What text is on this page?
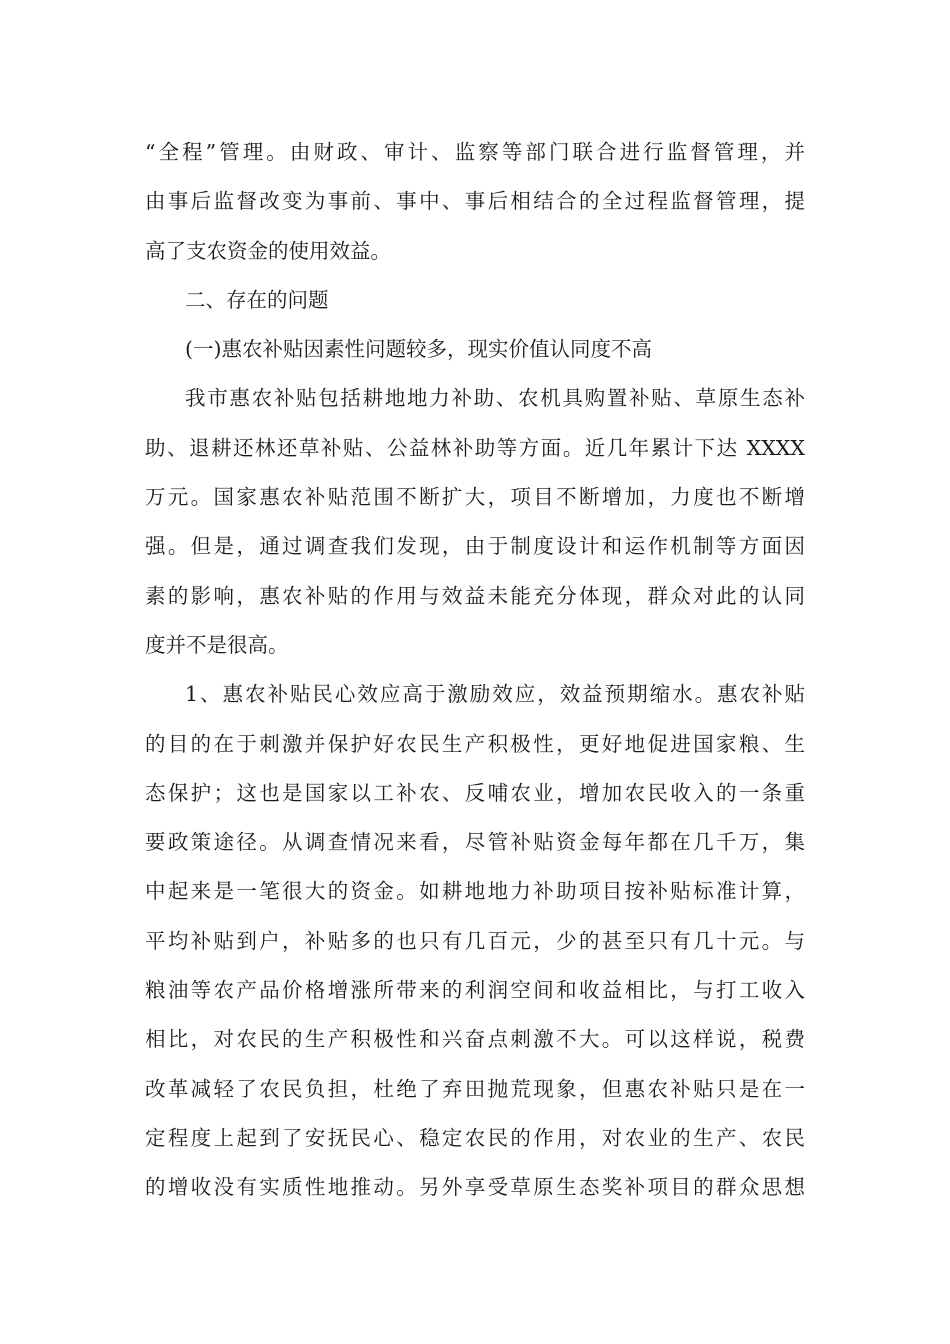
“全程”管理。由财政、审计、监察等部门联合进行监督管理，并
由事后监督改变为事前、事中、事后相结合的全过程监督管理，提
高了支农资金的使用效益。
二、存在的问题
(一)惠农补贴因素性问题较多，现实价值认同度不高
我市惠农补贴包括耕地地力补助、农机具购置补贴、草原生态补
助、退耕还林还草补贴、公益林补助等方面。近几年累计下达 XXXX
万元。国家惠农补贴范围不断扩大，项目不断增加，力度也不断增
强。但是，通过调查我们发现，由于制度设计和运作机制等方面因
素的影响，惠农补贴的作用与效益未能充分体现，群众对此的认同
度并不是很高。
1、惠农补贴民心效应高于激励效应，效益预期缩水。惠农补贴
的目的在于刺激并保护好农民生产积极性，更好地促进国家粮、生
态保护；这也是国家以工补农、反哺农业，增加农民收入的一条重
要政策途径。从调查情况来看，尽管补贴资金每年都在几千万，集
中起来是一笔很大的资金。如耕地地力补助项目按补贴标准计算，
平均补贴到户，补贴多的也只有几百元，少的甚至只有几十元。与
粮油等农产品价格增涨所带来的利润空间和收益相比，与打工收入
相比，对农民的生产积极性和兴奋点刺激不大。可以这样说，税费
改革减轻了农民负担，杜绝了弃田抛荒现象，但惠农补贴只是在一
定程度上起到了安抚民心、稳定农民的作用，对农业的生产、农民
的增收没有实质性地推动。另外享受草原生态奖补项目的群众思想
